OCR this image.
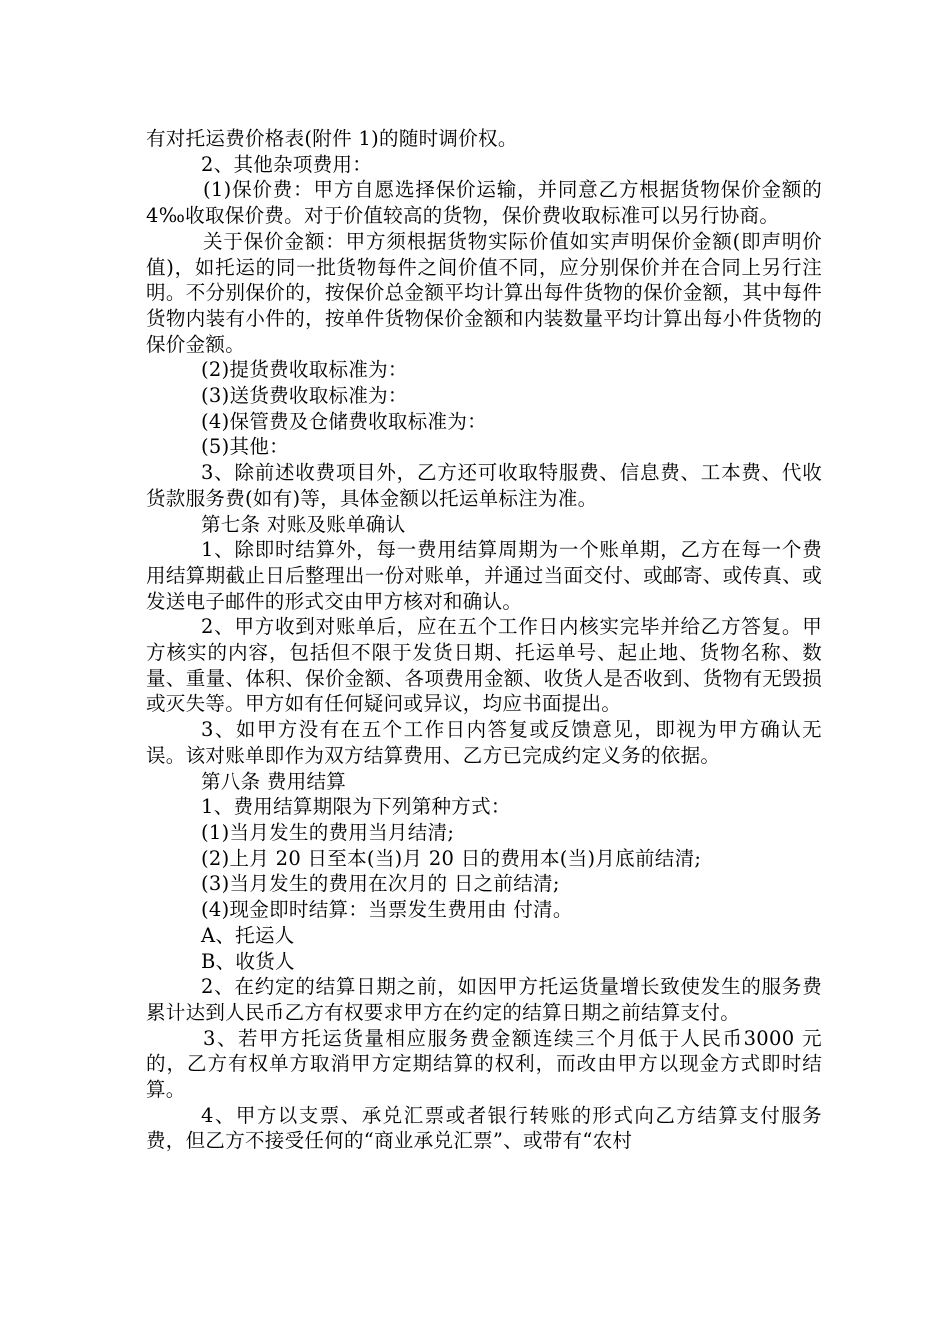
有对托运费价格表(附件 1)的随时调价权。

2、其他杂项费用：

(1)保价费：甲方自愿选择保价运输，并同意乙方根据货物保价金额的 4‰收取保价费。对于价值较高的货物，保价费收取标准可以另行协商。

关于保价金额：甲方须根据货物实际价值如实声明保价金额(即声明价值)，如托运的同一批货物每件之间价值不同，应分别保价并在合同上另行注明。不分别保价的，按保价总金额平均计算出每件货物的保价金额，其中每件货物内装有小件的，按单件货物保价金额和内装数量平均计算出每小件货物的保价金额。

(2)提货费收取标准为：

(3)送货费收取标准为：

(4)保管费及仓储费收取标准为：

(5)其他：

3、除前述收费项目外，乙方还可收取特服费、信息费、工本费、代收货款服务费(如有)等，具体金额以托运单标注为准。

第七条 对账及账单确认

1、除即时结算外，每一费用结算周期为一个账单期，乙方在每一个费用结算期截止日后整理出一份对账单，并通过当面交付、或邮寄、或传真、或发送电子邮件的形式交由甲方核对和确认。

2、甲方收到对账单后，应在五个工作日内核实完毕并给乙方答复。甲方核实的内容，包括但不限于发货日期、托运单号、起止地、货物名称、数量、重量、体积、保价金额、各项费用金额、收货人是否收到、货物有无毁损或灭失等。甲方如有任何疑问或异议，均应书面提出。

3、如甲方没有在五个工作日内答复或反馈意见，即视为甲方确认无误。该对账单即作为双方结算费用、乙方已完成约定义务的依据。

第八条 费用结算

1、费用结算期限为下列第种方式：

(1)当月发生的费用当月结清;

(2)上月 20 日至本(当)月 20 日的费用本(当)月底前结清;

(3)当月发生的费用在次月的 日之前结清;

(4)现金即时结算：当票发生费用由 付清。

A、托运人

B、收货人

2、在约定的结算日期之前，如因甲方托运货量增长致使发生的服务费累计达到人民币乙方有权要求甲方在约定的结算日期之前结算支付。

3、若甲方托运货量相应服务费金额连续三个月低于人民币3000 元的，乙方有权单方取消甲方定期结算的权利，而改由甲方以现金方式即时结算。

4、甲方以支票、承兑汇票或者银行转账的形式向乙方结算支付服务费，但乙方不接受任何的“商业承兑汇票”、或带有“农村
